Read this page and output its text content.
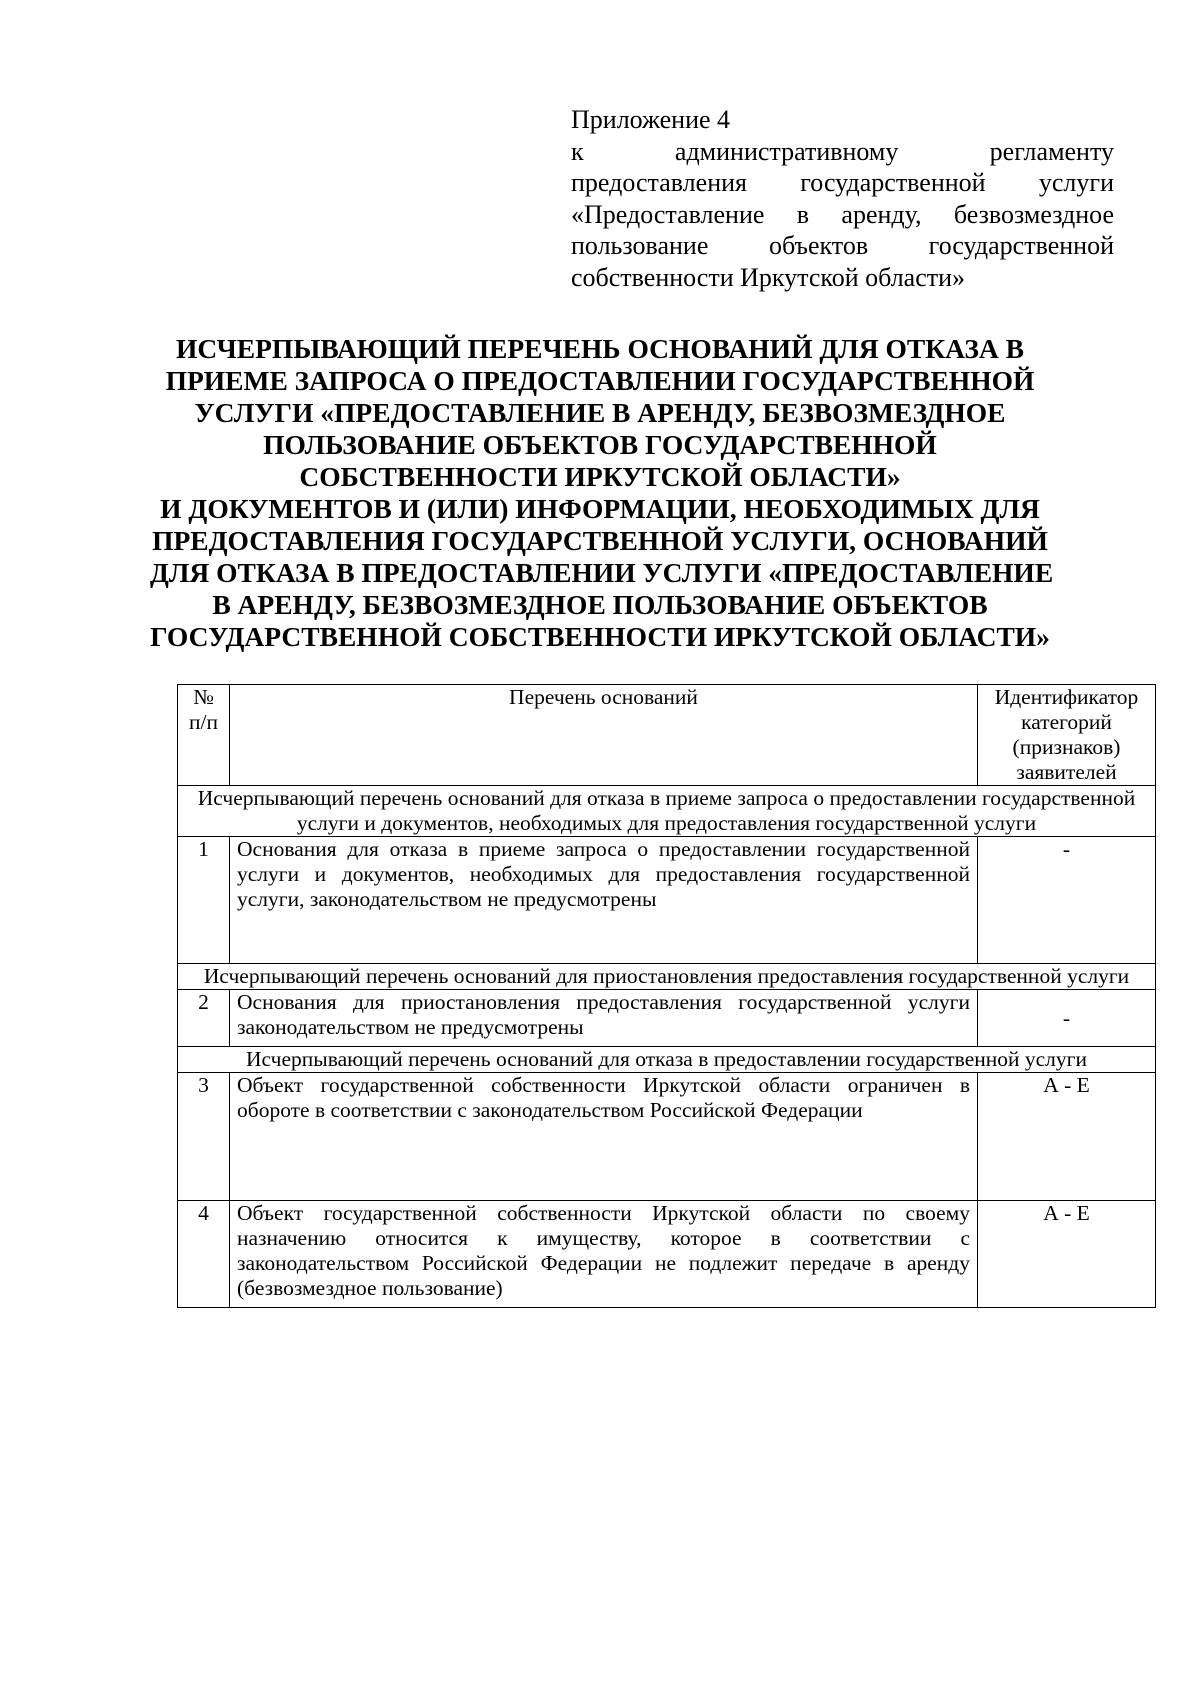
Приложение 4
к административному регламенту
предоставления государственной услуги
«Предоставление в аренду, безвозмездное
пользование объектов государственной
собственности Иркутской области»
ИСЧЕРПЫВАЮЩИЙ ПЕРЕЧЕНЬ ОСНОВАНИЙ ДЛЯ ОТКАЗА В
ПРИЕМЕ ЗАПРОСА О ПРЕДОСТАВЛЕНИИ ГОСУДАРСТВЕННОЙ
УСЛУГИ «ПРЕДОСТАВЛЕНИЕ В АРЕНДУ, БЕЗВОЗМЕЗДНОЕ
ПОЛЬЗОВАНИЕ ОБЪЕКТОВ ГОСУДАРСТВЕННОЙ
СОБСТВЕННОСТИ ИРКУТСКОЙ ОБЛАСТИ»
И ДОКУМЕНТОВ И (ИЛИ) ИНФОРМАЦИИ, НЕОБХОДИМЫХ ДЛЯ
ПРЕДОСТАВЛЕНИЯ ГОСУДАРСТВЕННОЙ УСЛУГИ, ОСНОВАНИЙ
ДЛЯ ОТКАЗА В ПРЕДОСТАВЛЕНИИ УСЛУГИ «ПРЕДОСТАВЛЕНИЕ
В АРЕНДУ, БЕЗВОЗМЕЗДНОЕ ПОЛЬЗОВАНИЕ ОБЪЕКТОВ
ГОСУДАРСТВЕННОЙ СОБСТВЕННОСТИ ИРКУТСКОЙ ОБЛАСТИ»
№ п/п	Перечень оснований	Идентификатор категорий (признаков) заявителей
Исчерпывающий перечень оснований для отказа в приеме запроса о предоставлении государственной услуги и документов, необходимых для предоставления государственной услуги		
1	Основания для отказа в приеме запроса о предоставлении государственной услуги и документов, необходимых для предоставления государственной услуги, законодательством не предусмотрены	-
Исчерпывающий перечень оснований для приостановления предоставления государственной услуги		
2	Основания для приостановления предоставления государственной услуги законодательством не предусмотрены	-
Исчерпывающий перечень оснований для отказа в предоставлении государственной услуги		
3	Объект государственной собственности Иркутской области ограничен в обороте в соответствии с законодательством Российской Федерации	А - Е
4	Объект государственной собственности Иркутской области по своему назначению относится к имуществу, которое в соответствии с законодательством Российской Федерации не подлежит передаче в аренду (безвозмездное пользование)	А - Е
